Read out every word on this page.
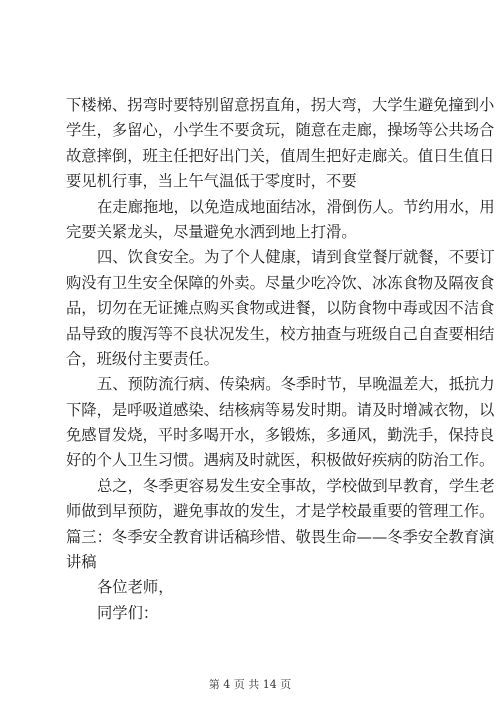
下楼梯、拐弯时要特别留意拐直角，拐大弯，大学生避免撞到小
学生，多留心，小学生不要贪玩，随意在走廊，操场等公共场合
故意摔倒，班主任把好出门关，值周生把好走廊关。值日生值日
要见机行事，当上午气温低于零度时，不要
在走廊拖地，以免造成地面结冰，滑倒伤人。节约用水，用
完要关紧龙头，尽量避免水洒到地上打滑。
四、饮食安全。为了个人健康，请到食堂餐厅就餐，不要订
购没有卫生安全保障的外卖。尽量少吃冷饮、冰冻食物及隔夜食
品，切勿在无证摊点购买食物或进餐，以防食物中毒或因不洁食
品导致的腹泻等不良状况发生，校方抽查与班级自己自查要相结
合，班级付主要责任。
五、预防流行病、传染病。冬季时节，早晚温差大，抵抗力
下降，是呼吸道感染、结核病等易发时期。请及时增减衣物，以
免感冒发烧，平时多喝开水，多锻炼，多通风，勤洗手，保持良
好的个人卫生习惯。遇病及时就医，积极做好疾病的防治工作。
总之，冬季更容易发生安全事故，学校做到早教育，学生老
师做到早预防，避免事故的发生，才是学校最重要的管理工作。
篇三：冬季安全教育讲话稿珍惜、敬畏生命——冬季安全教育演
讲稿
各位老师，
同学们：
第 4 页 共 14 页
